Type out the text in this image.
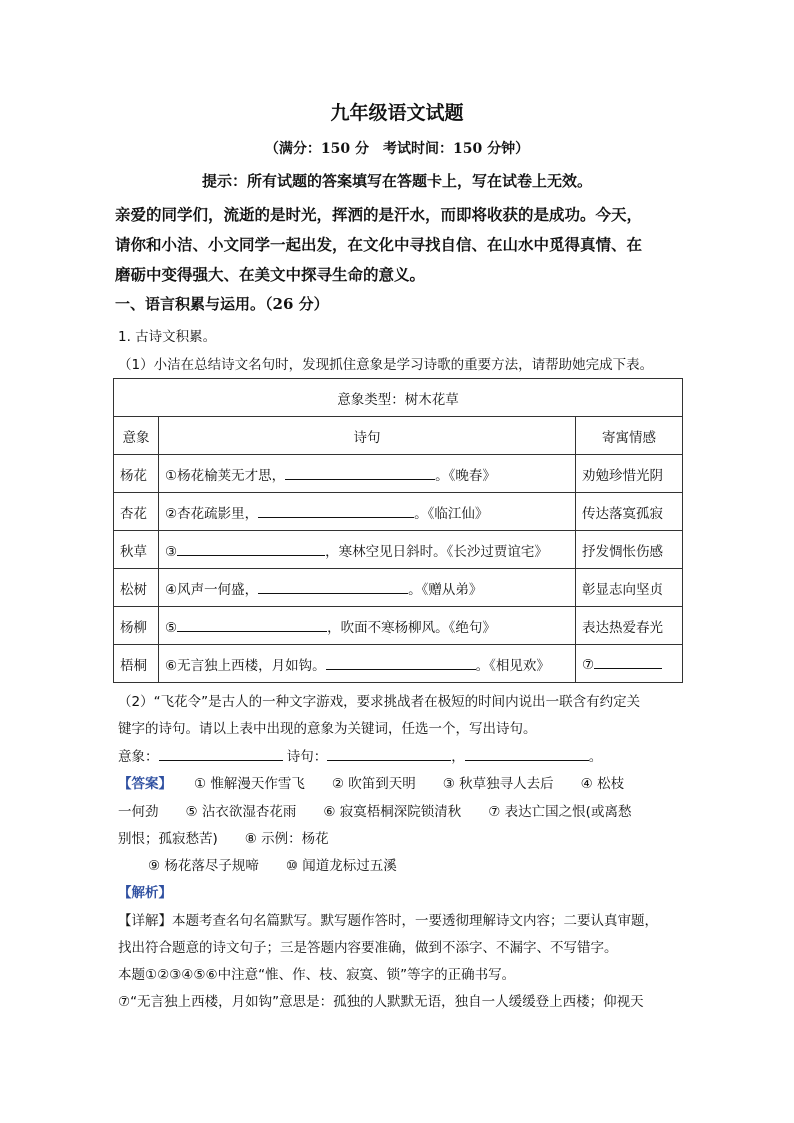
九年级语文试题
（满分：150 分　考试时间：150 分钟）
提示：所有试题的答案填写在答题卡上，写在试卷上无效。
亲爱的同学们，流逝的是时光，挥洒的是汗水，而即将收获的是成功。今天，
请你和小洁、小文同学一起出发，在文化中寻找自信、在山水中觅得真情、在
磨砺中变得强大、在美文中探寻生命的意义。
一、语言积累与运用。（26 分）
1. 古诗文积累。
（1）小洁在总结诗文名句时，发现抓住意象是学习诗歌的重要方法，请帮助她完成下表。
意象类型：树木花草		
意象	诗句	寄寓情感
杨花	①杨花榆荚无才思， 。《晚春》	劝勉珍惜光阴
杏花	②杏花疏影里， 。《临江仙》	传达落寞孤寂
秋草	③ ，寒林空见日斜时。《长沙过贾谊宅》	抒发惆怅伤感
松树	④风声一何盛， 。《赠从弟》	彰显志向坚贞
杨柳	⑤ ，吹面不寒杨柳风。《绝句》	表达热爱春光
梧桐	⑥无言独上西楼，月如钩。 。《相见欢》	⑦
（2）“飞花令”是古人的一种文字游戏，要求挑战者在极短的时间内说出一联含有约定关
键字的诗句。请以上表中出现的意象为关键词，任选一个，写出诗句。
意象：	诗句：	，	。
【答案】 ① 惟解漫天作雪飞　　② 吹笛到天明　　③ 秋草独寻人去后　　④ 松枝
一何劲　　⑤ 沾衣欲湿杏花雨　　⑥ 寂寞梧桐深院锁清秋　　⑦ 表达亡国之恨(或离愁
别恨；孤寂愁苦)　　⑧ 示例：杨花
⑨ 杨花落尽子规啼　　⑩ 闻道龙标过五溪
【解析】
【详解】本题考查名句名篇默写。默写题作答时，一要透彻理解诗文内容；二要认真审题，
找出符合题意的诗文句子；三是答题内容要准确，做到不添字、不漏字、不写错字。
本题①②③④⑤⑥中注意“惟、作、枝、寂寞、锁”等字的正确书写。
⑦“无言独上西楼，月如钩”意思是：孤独的人默默无语，独自一人缓缓登上西楼；仰视天
